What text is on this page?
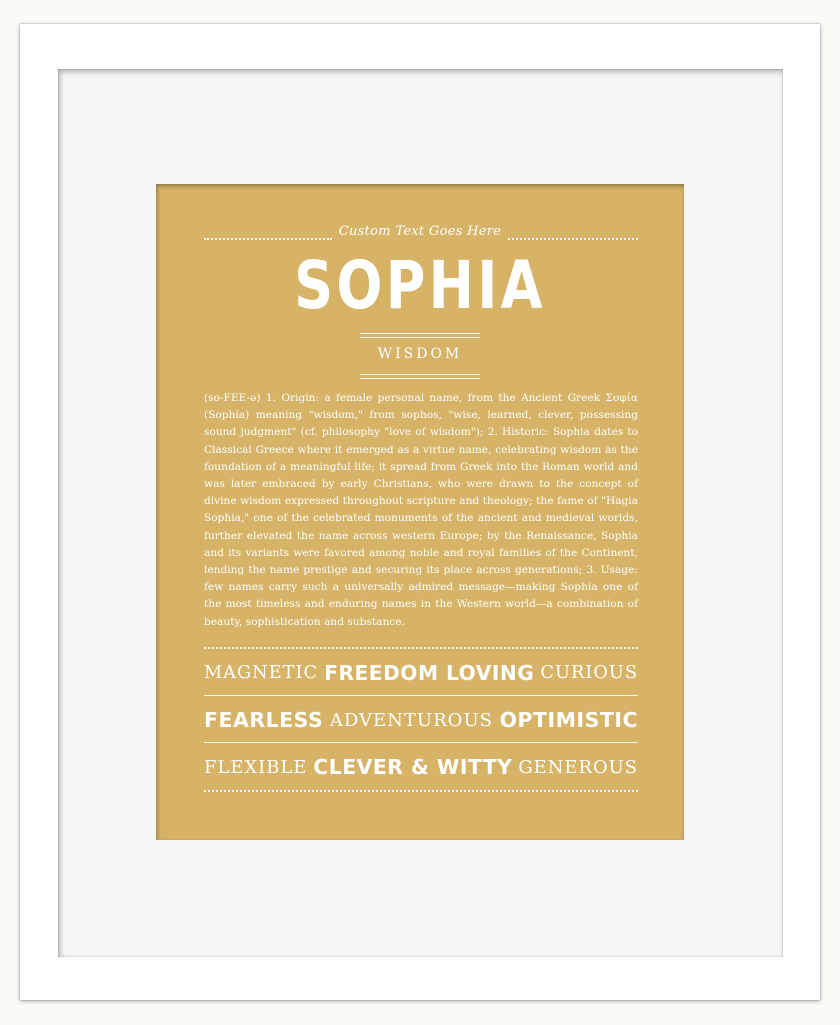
Custom Text Goes Here
SOPHIA
WISDOM
(so-FEE-ə) 1. Origin: a female personal name, from the Ancient Greek Σοφία (Sophía) meaning "wisdom," from sophos, "wise, learned, clever, possessing sound judgment" (cf. philosophy "love of wisdom"); 2. Historic: Sophia dates to Classical Greece where it emerged as a virtue name, celebrating wisdom as the foundation of a meaningful life; it spread from Greek into the Roman world and was later embraced by early Christians, who were drawn to the concept of divine wisdom expressed throughout scripture and theology; the fame of "Hagia Sophia," one of the celebrated monuments of the ancient and medieval worlds, further elevated the name across western Europe; by the Renaissance, Sophia and its variants were favored among noble and royal families of the Continent, lending the name prestige and securing its place across generations; 3. Usage: few names carry such a universally admired message—making Sophia one of the most timeless and enduring names in the Western world—a combination of beauty, sophistication and substance.
MAGNETIC FREEDOM LOVING CURIOUS
FEARLESS ADVENTUROUS OPTIMISTIC
FLEXIBLE CLEVER & WITTY GENEROUS
